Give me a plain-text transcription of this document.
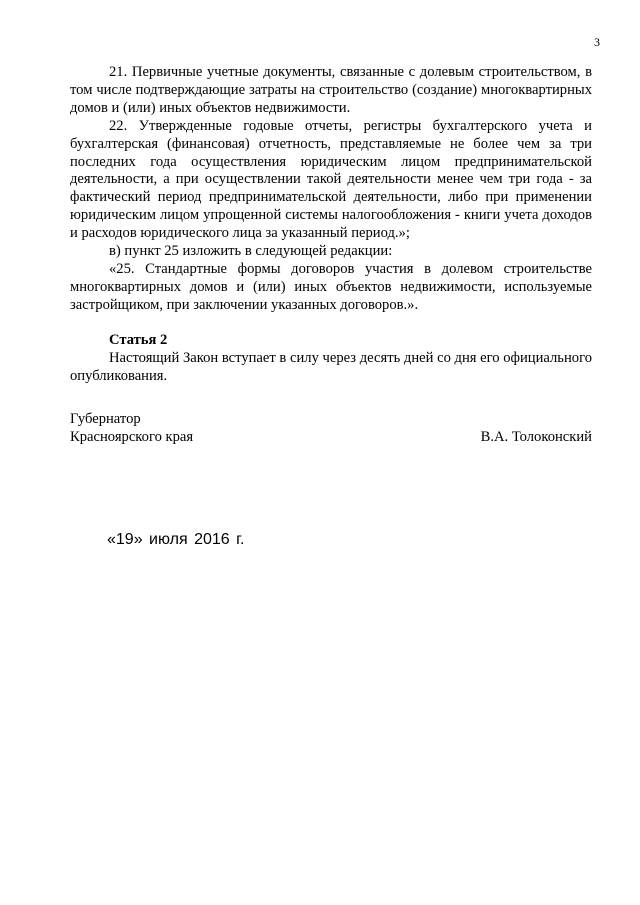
3

21. Первичные учетные документы, связанные с долевым строительством, в том числе подтверждающие затраты на строительство (создание) многоквартирных домов и (или) иных объектов недвижимости.

22. Утвержденные годовые отчеты, регистры бухгалтерского учета и бухгалтерская (финансовая) отчетность, представляемые не более чем за три последних года осуществления юридическим лицом предпринимательской деятельности, а при осуществлении такой деятельности менее чем три года - за фактический период предпринимательской деятельности, либо при применении юридическим лицом упрощенной системы налогообложения - книги учета доходов и расходов юридического лица за указанный период.»;

в) пункт 25 изложить в следующей редакции:

«25. Стандартные формы договоров участия в долевом строительстве многоквартирных домов и (или) иных объектов недвижимости, используемые застройщиком, при заключении указанных договоров.».

Статья 2

Настоящий Закон вступает в силу через десять дней со дня его официального опубликования.

Губернатор
Красноярского края	В.А. Толоконский
«19» июля 2016 г.
